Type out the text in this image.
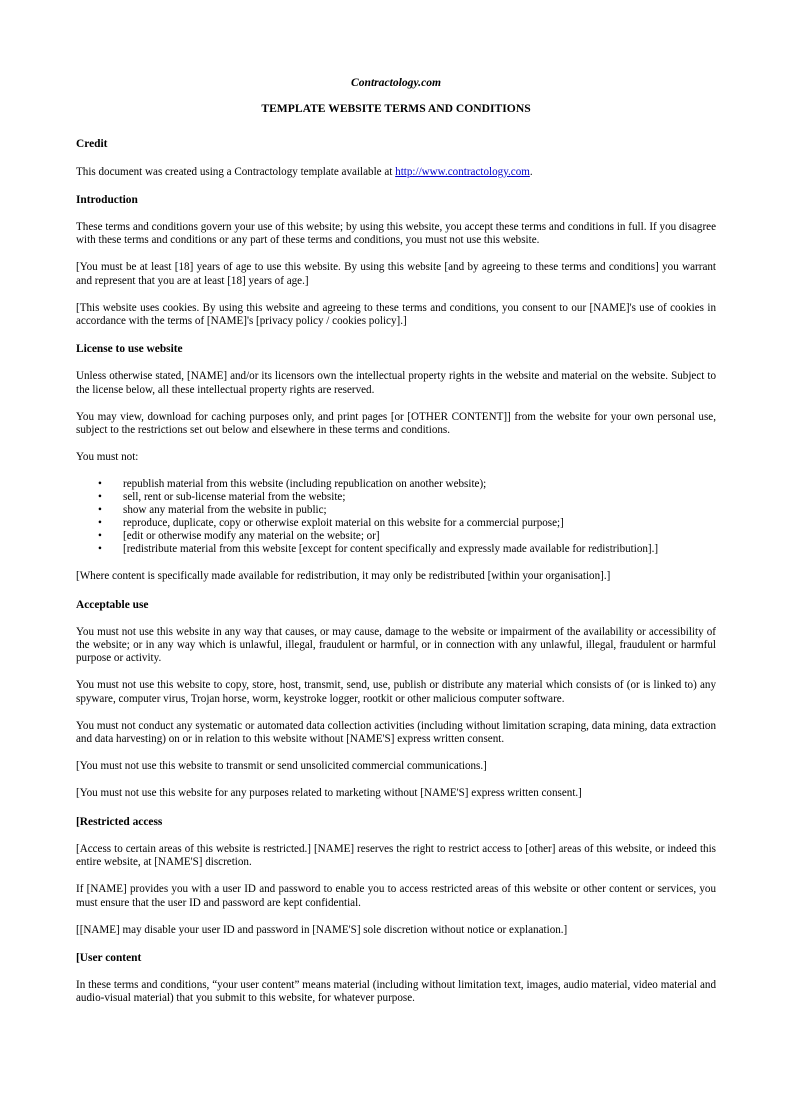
Contractology.com
TEMPLATE WEBSITE TERMS AND CONDITIONS
Credit

This document was created using a Contractology template available at http://www.contractology.com.

Introduction

These terms and conditions govern your use of this website; by using this website, you accept these terms and conditions in full. If you disagree with these terms and conditions or any part of these terms and conditions, you must not use this website.

[You must be at least [18] years of age to use this website. By using this website [and by agreeing to these terms and conditions] you warrant and represent that you are at least [18] years of age.]

[This website uses cookies. By using this website and agreeing to these terms and conditions, you consent to our [NAME]'s use of cookies in accordance with the terms of [NAME]'s [privacy policy / cookies policy].]

License to use website

Unless otherwise stated, [NAME] and/or its licensors own the intellectual property rights in the website and material on the website. Subject to the license below, all these intellectual property rights are reserved.

You may view, download for caching purposes only, and print pages [or [OTHER CONTENT]] from the website for your own personal use, subject to the restrictions set out below and elsewhere in these terms and conditions.

You must not:

• republish material from this website (including republication on another website);
• sell, rent or sub-license material from the website;
• show any material from the website in public;
• reproduce, duplicate, copy or otherwise exploit material on this website for a commercial purpose;]
• [edit or otherwise modify any material on the website; or]
• [redistribute material from this website [except for content specifically and expressly made available for redistribution].]

[Where content is specifically made available for redistribution, it may only be redistributed [within your organisation].]

Acceptable use

You must not use this website in any way that causes, or may cause, damage to the website or impairment of the availability or accessibility of the website; or in any way which is unlawful, illegal, fraudulent or harmful, or in connection with any unlawful, illegal, fraudulent or harmful purpose or activity.

You must not use this website to copy, store, host, transmit, send, use, publish or distribute any material which consists of (or is linked to) any spyware, computer virus, Trojan horse, worm, keystroke logger, rootkit or other malicious computer software.

You must not conduct any systematic or automated data collection activities (including without limitation scraping, data mining, data extraction and data harvesting) on or in relation to this website without [NAME'S] express written consent.

[You must not use this website to transmit or send unsolicited commercial communications.]

[You must not use this website for any purposes related to marketing without [NAME'S] express written consent.]

[Restricted access

[Access to certain areas of this website is restricted.] [NAME] reserves the right to restrict access to [other] areas of this website, or indeed this entire website, at [NAME'S] discretion.

If [NAME] provides you with a user ID and password to enable you to access restricted areas of this website or other content or services, you must ensure that the user ID and password are kept confidential.

[[NAME] may disable your user ID and password in [NAME'S] sole discretion without notice or explanation.]

[User content

In these terms and conditions, “your user content” means material (including without limitation text, images, audio material, video material and audio-visual material) that you submit to this website, for whatever purpose.
